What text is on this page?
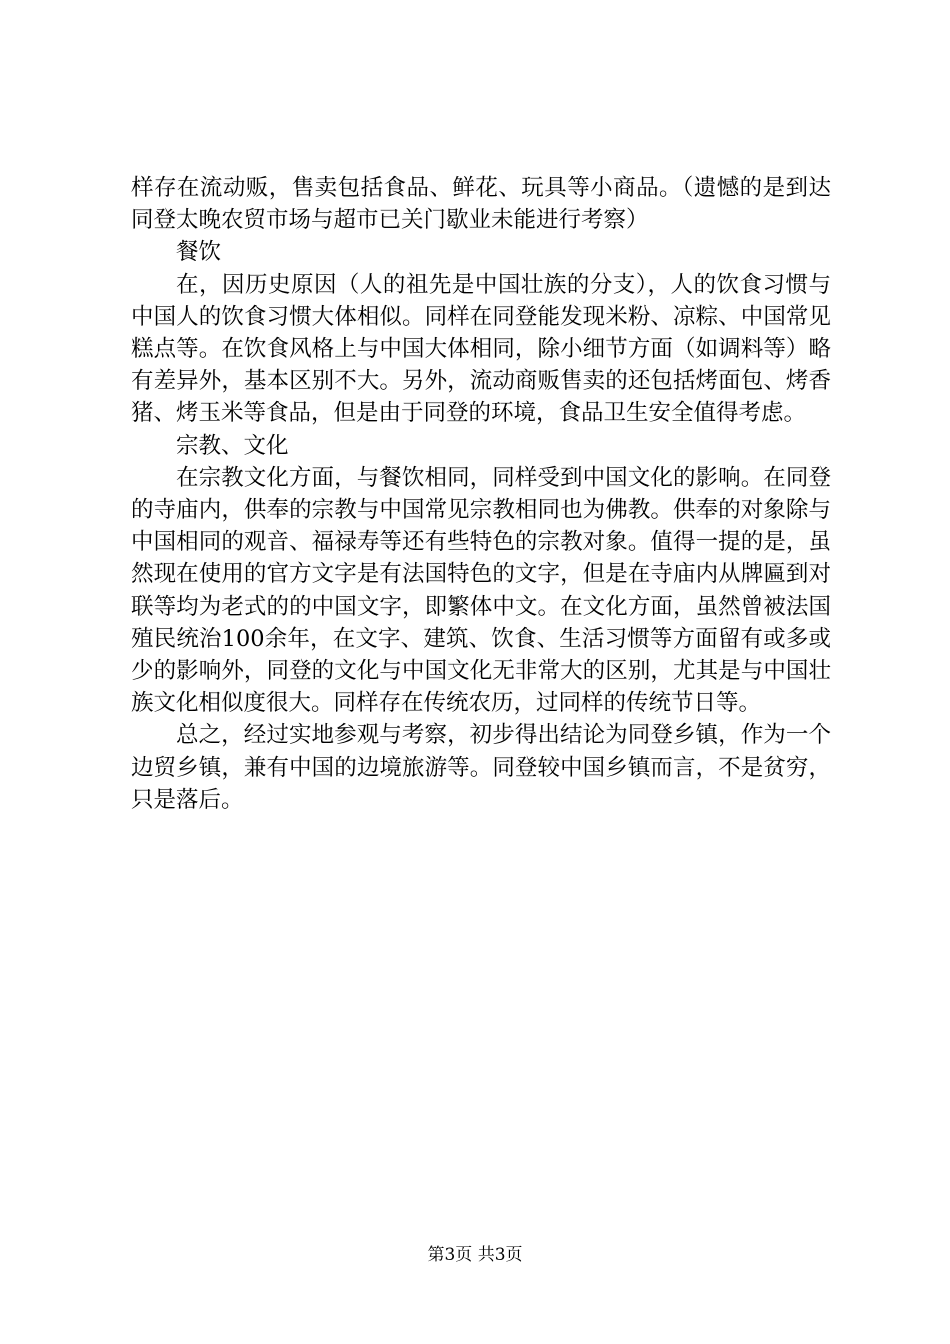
样存在流动贩，售卖包括食品、鲜花、玩具等小商品。（遗憾的是到达同登太晚农贸市场与超市已关门歇业未能进行考察）

餐饮

在，因历史原因（人的祖先是中国壮族的分支），人的饮食习惯与中国人的饮食习惯大体相似。同样在同登能发现米粉、凉粽、中国常见糕点等。在饮食风格上与中国大体相同，除小细节方面（如调料等）略有差异外，基本区别不大。另外，流动商贩售卖的还包括烤面包、烤香猪、烤玉米等食品，但是由于同登的环境，食品卫生安全值得考虑。

宗教、文化

在宗教文化方面，与餐饮相同，同样受到中国文化的影响。在同登的寺庙内，供奉的宗教与中国常见宗教相同也为佛教。供奉的对象除与中国相同的观音、福禄寿等还有些特色的宗教对象。值得一提的是，虽然现在使用的官方文字是有法国特色的文字，但是在寺庙内从牌匾到对联等均为老式的的中国文字，即繁体中文。在文化方面，虽然曾被法国殖民统治100余年，在文字、建筑、饮食、生活习惯等方面留有或多或少的影响外，同登的文化与中国文化无非常大的区别，尤其是与中国壮族文化相似度很大。同样存在传统农历，过同样的传统节日等。

总之，经过实地参观与考察，初步得出结论为同登乡镇，作为一个边贸乡镇，兼有中国的边境旅游等。同登较中国乡镇而言，不是贫穷，只是落后。

第3页 共3页
